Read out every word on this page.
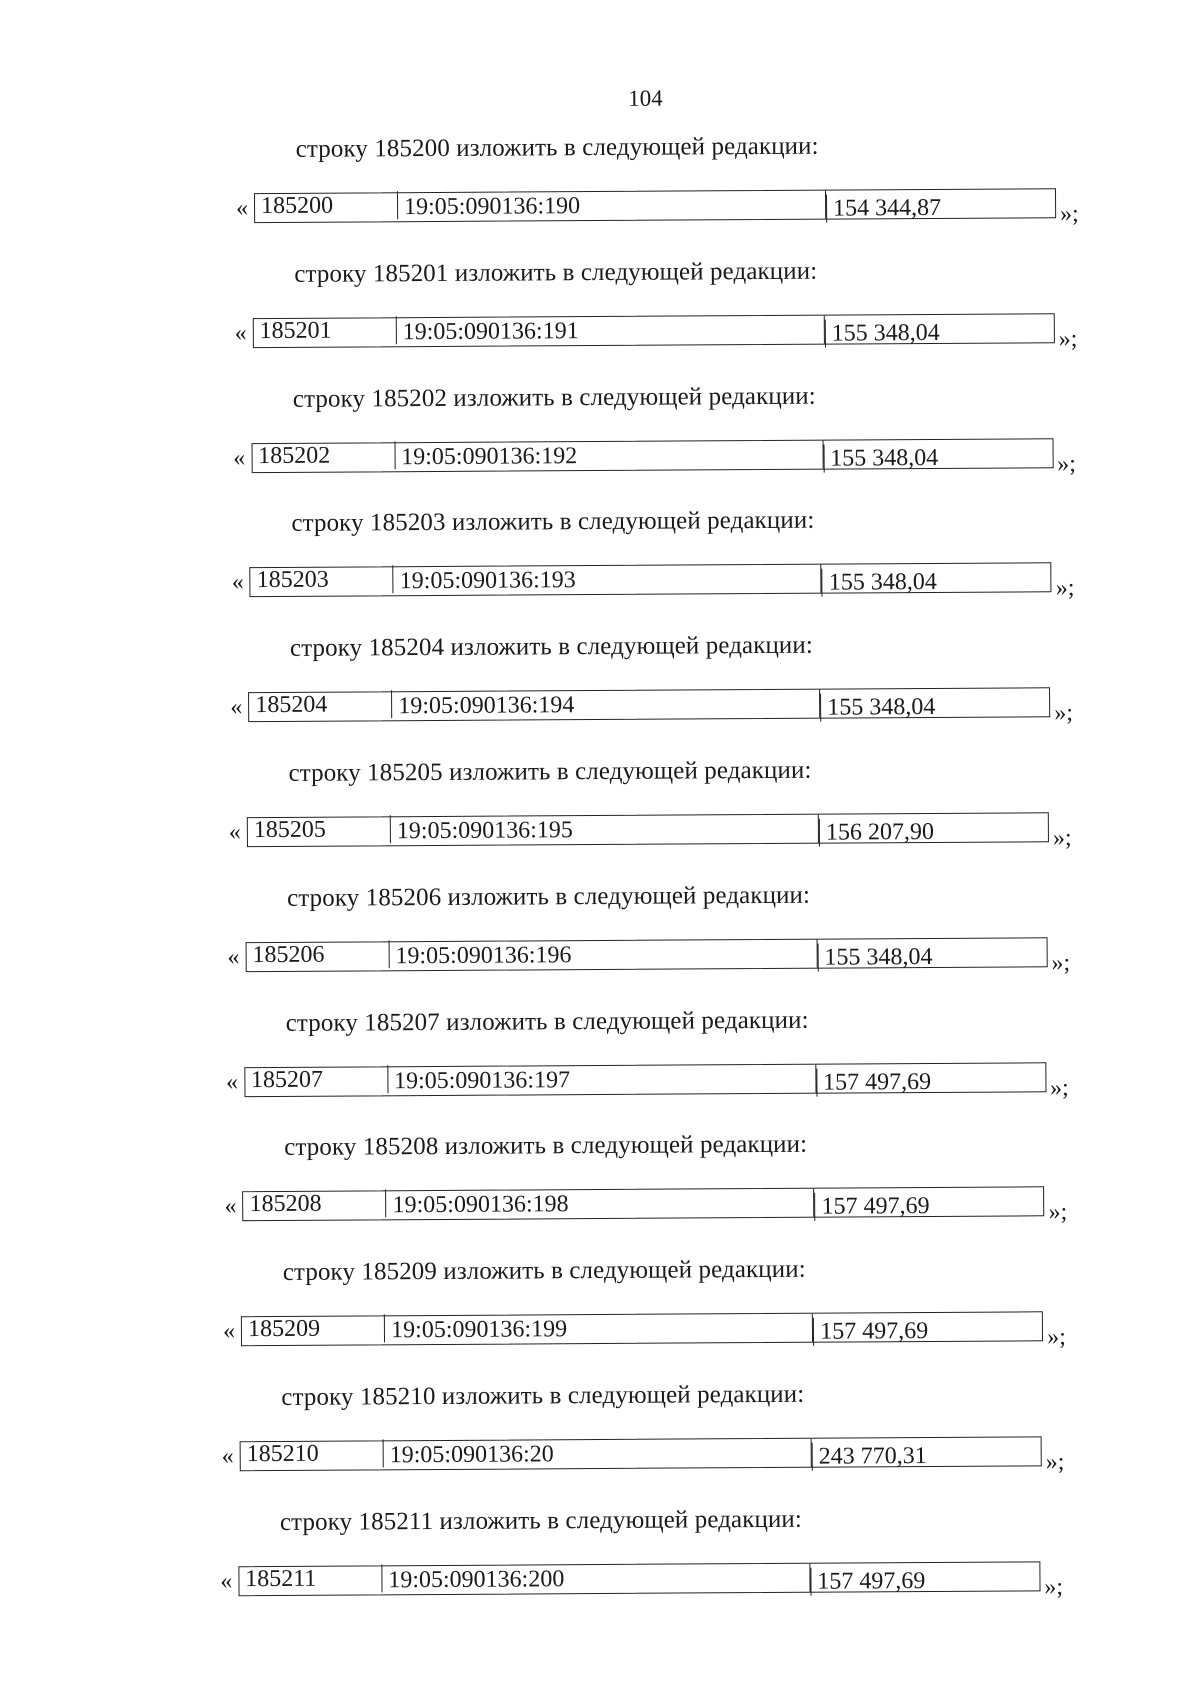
104
строку 185200 изложить в следующей редакции:
« 185200	19:05:090136:190	154 344,87	»;
строку 185201 изложить в следующей редакции:
« 185201	19:05:090136:191	155 348,04	»;
строку 185202 изложить в следующей редакции:
« 185202	19:05:090136:192	155 348,04	»;
строку 185203 изложить в следующей редакции:
« 185203	19:05:090136:193	155 348,04	»;
строку 185204 изложить в следующей редакции:
« 185204	19:05:090136:194	155 348,04	»;
строку 185205 изложить в следующей редакции:
« 185205	19:05:090136:195	156 207,90	»;
строку 185206 изложить в следующей редакции:
« 185206	19:05:090136:196	155 348,04	»;
строку 185207 изложить в следующей редакции:
« 185207	19:05:090136:197	157 497,69	»;
строку 185208 изложить в следующей редакции:
« 185208	19:05:090136:198	157 497,69	»;
строку 185209 изложить в следующей редакции:
« 185209	19:05:090136:199	157 497,69	»;
строку 185210 изложить в следующей редакции:
« 185210	19:05:090136:20	243 770,31	»;
строку 185211 изложить в следующей редакции:
« 185211	19:05:090136:200	157 497,69	»;
